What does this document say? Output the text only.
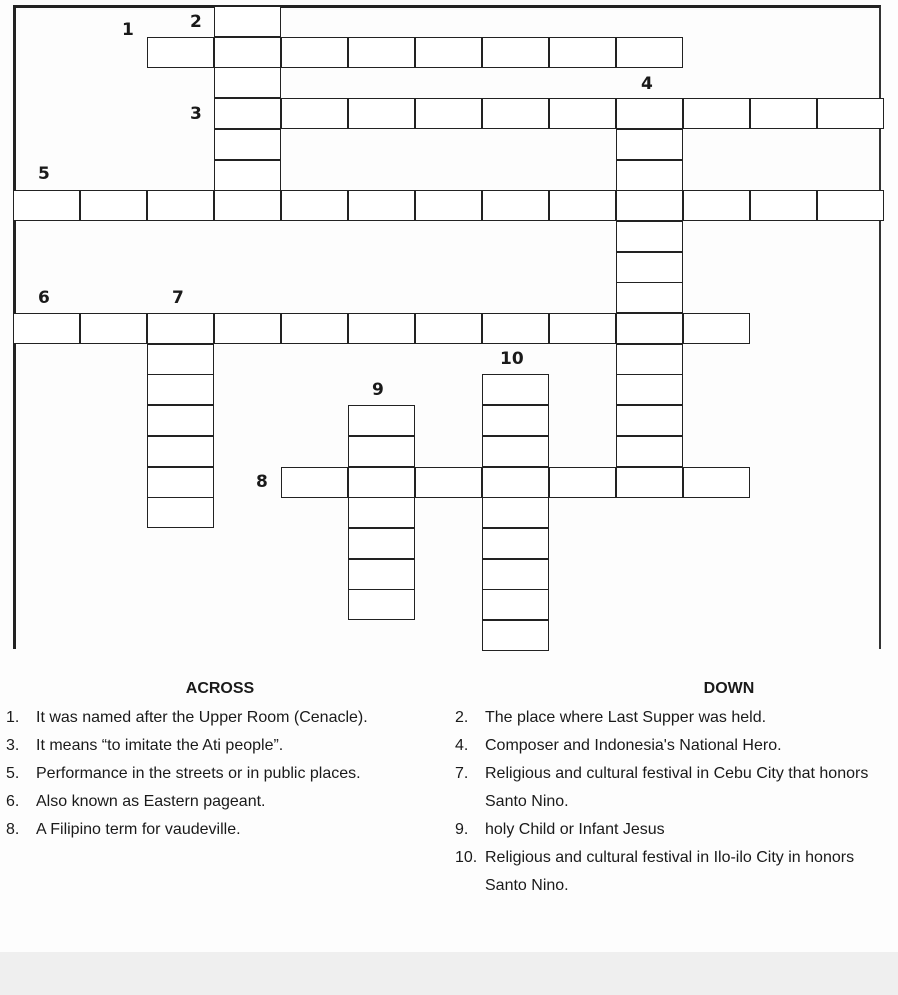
1	2
3
4
5
6	7
8
9
10
ACROSS
1.	It was named after the Upper Room (Cenacle).
3.	It means “to imitate the Ati people”.
5.	Performance in the streets or in public places.
6.	Also known as Eastern pageant.
8.	A Filipino term for vaudeville.
DOWN
2.	The place where Last Supper was held.
4.	Composer and Indonesia's National Hero.
7.	Religious and cultural festival in Cebu City that honors Santo Nino.
9.	holy Child or Infant Jesus
10. Religious and cultural festival in Ilo-ilo City in honors Santo Nino.
